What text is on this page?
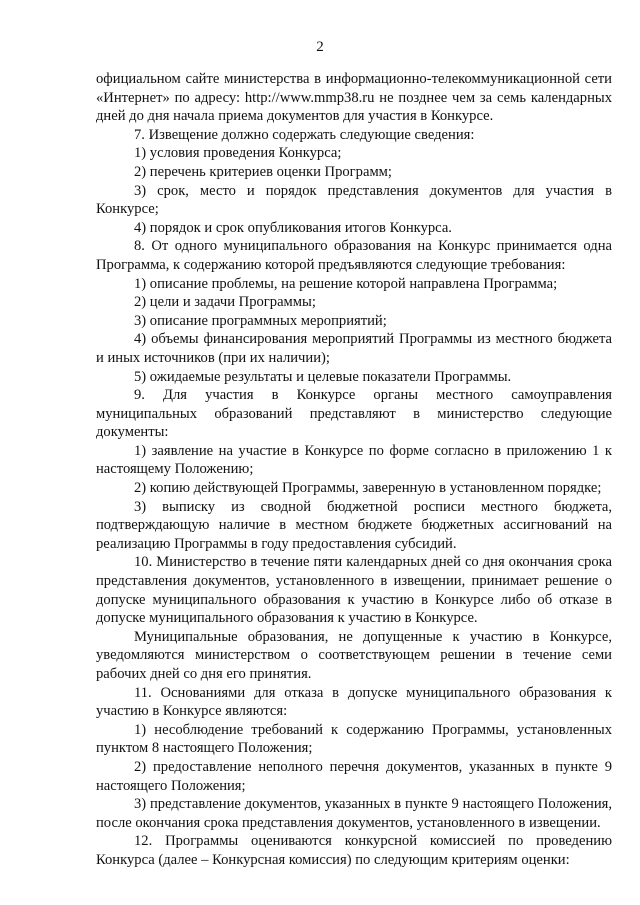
2

официальном сайте министерства в информационно-телекоммуникационной сети «Интернет» по адресу: http://www.mmp38.ru не позднее чем за семь календарных дней до дня начала приема документов для участия в Конкурсе.

7. Извещение должно содержать следующие сведения:

1) условия проведения Конкурса;

2) перечень критериев оценки Программ;

3) срок, место и порядок представления документов для участия в Конкурсе;

4) порядок и срок опубликования итогов Конкурса.

8. От одного муниципального образования на Конкурс принимается одна Программа, к содержанию которой предъявляются следующие требования:

1) описание проблемы, на решение которой направлена Программа;

2) цели и задачи Программы;

3) описание программных мероприятий;

4) объемы финансирования мероприятий Программы из местного бюджета и иных источников (при их наличии);

5) ожидаемые результаты и целевые показатели Программы.

9. Для участия в Конкурсе органы местного самоуправления муниципальных образований представляют в министерство следующие документы:

1) заявление на участие в Конкурсе по форме согласно в приложению 1 к настоящему Положению;

2) копию действующей Программы, заверенную в установленном порядке;

3) выписку из сводной бюджетной росписи местного бюджета, подтверждающую наличие в местном бюджете бюджетных ассигнований на реализацию Программы в году предоставления субсидий.

10. Министерство в течение пяти календарных дней со дня окончания срока представления документов, установленного в извещении, принимает решение о допуске муниципального образования к участию в Конкурсе либо об отказе в допуске муниципального образования к участию в Конкурсе.

Муниципальные образования, не допущенные к участию в Конкурсе, уведомляются министерством о соответствующем решении в течение семи рабочих дней со дня его принятия.

11. Основаниями для отказа в допуске муниципального образования к участию в Конкурсе являются:

1) несоблюдение требований к содержанию Программы, установленных пунктом 8 настоящего Положения;

2) предоставление неполного перечня документов, указанных в пункте 9 настоящего Положения;

3) представление документов, указанных в пункте 9 настоящего Положения, после окончания срока представления документов, установленного в извещении.

12. Программы оцениваются конкурсной комиссией по проведению Конкурса (далее – Конкурсная комиссия) по следующим критериям оценки:
